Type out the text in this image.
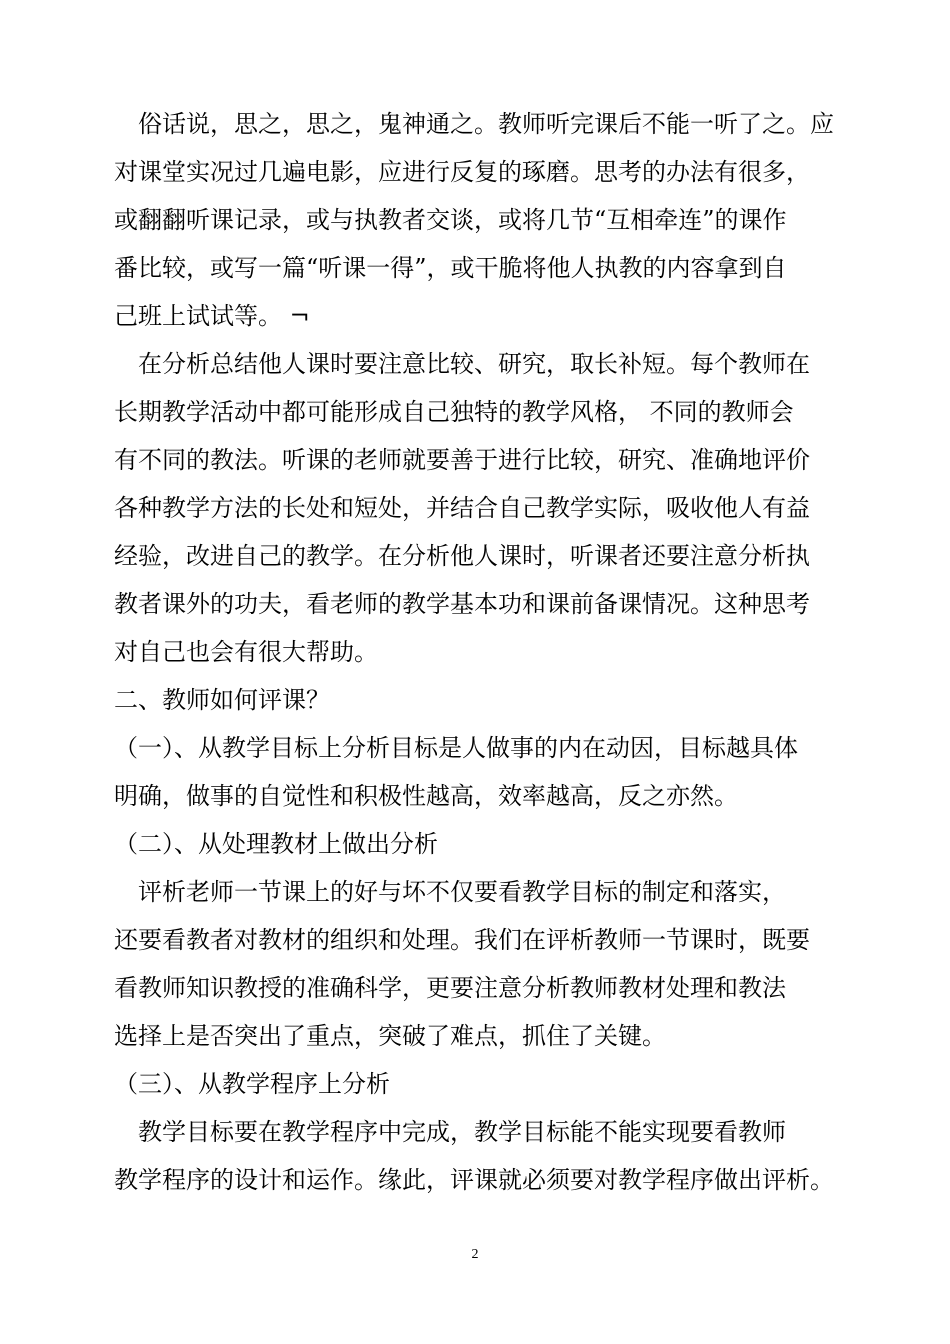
　俗话说，思之，思之，鬼神通之。教师听完课后不能一听了之。应
对课堂实况过几遍电影，应进行反复的琢磨。思考的办法有很多，
或翻翻听课记录，或与执教者交谈，或将几节“互相牵连”的课作
番比较，或写一篇“听课一得”，或干脆将他人执教的内容拿到自
己班上试试等。 ¬
　在分析总结他人课时要注意比较、研究，取长补短。每个教师在
长期教学活动中都可能形成自己独特的教学风格， 不同的教师会
有不同的教法。听课的老师就要善于进行比较，研究、准确地评价
各种教学方法的长处和短处，并结合自己教学实际，吸收他人有益
经验，改进自己的教学。在分析他人课时，听课者还要注意分析执
教者课外的功夫，看老师的教学基本功和课前备课情况。这种思考
对自己也会有很大帮助。
二、教师如何评课？
（一）、从教学目标上分析目标是人做事的内在动因，目标越具体
明确，做事的自觉性和积极性越高，效率越高，反之亦然。
（二）、从处理教材上做出分析
　评析老师一节课上的好与坏不仅要看教学目标的制定和落实，
还要看教者对教材的组织和处理。我们在评析教师一节课时，既要
看教师知识教授的准确科学，更要注意分析教师教材处理和教法
选择上是否突出了重点，突破了难点，抓住了关键。
（三）、从教学程序上分析
　教学目标要在教学程序中完成，教学目标能不能实现要看教师
教学程序的设计和运作。缘此，评课就必须要对教学程序做出评析。
2
